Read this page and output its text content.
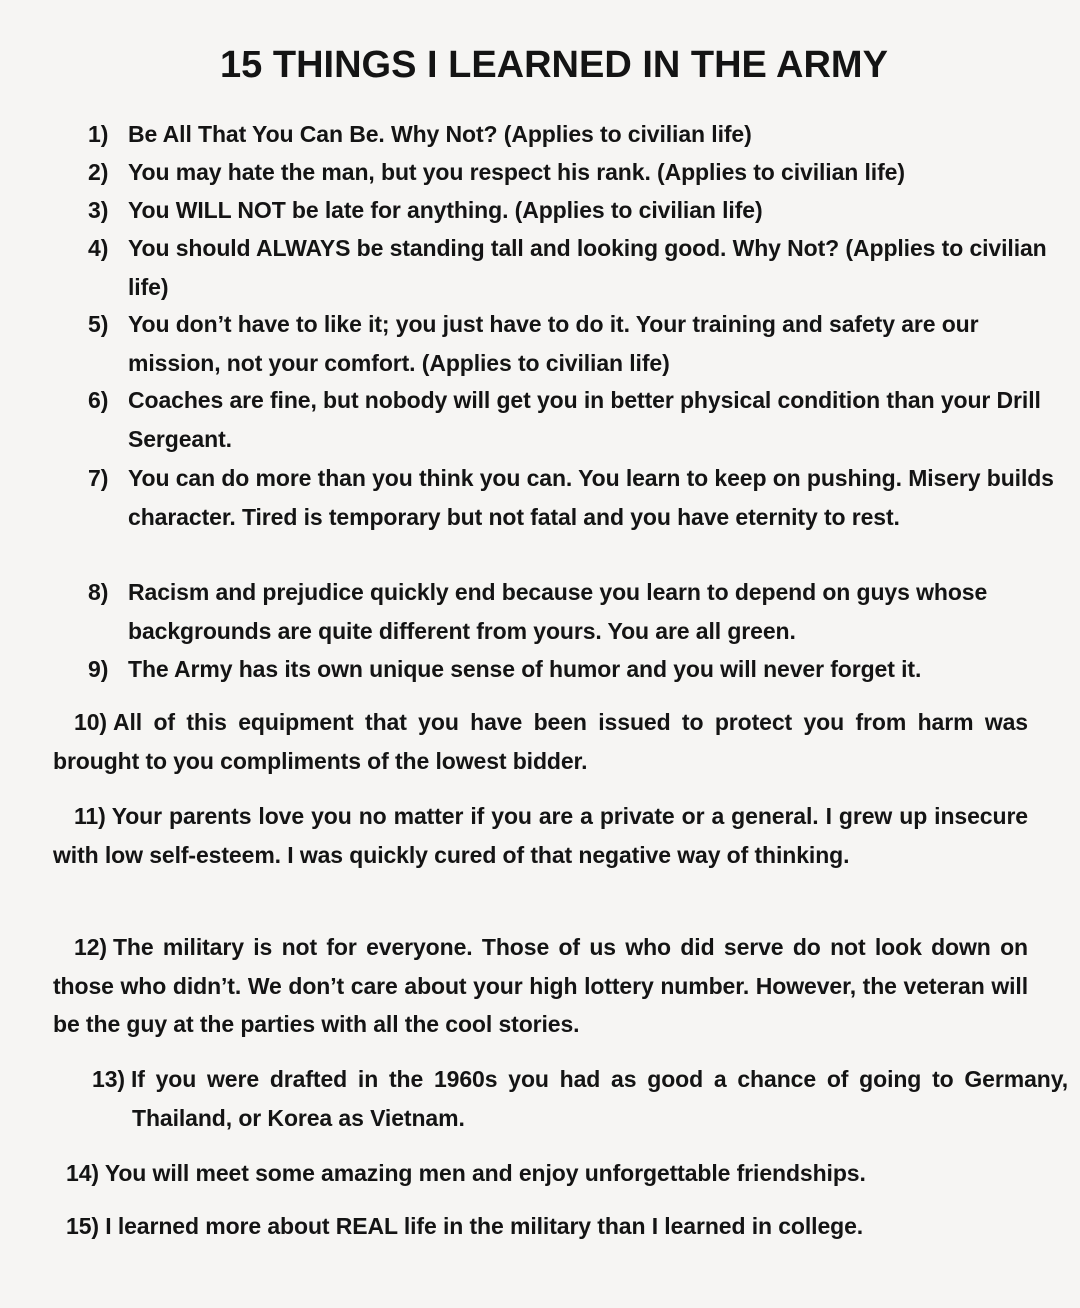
15 THINGS I LEARNED IN THE ARMY
1) Be All That You Can Be. Why Not? (Applies to civilian life)
2) You may hate the man, but you respect his rank. (Applies to civilian life)
3) You WILL NOT be late for anything. (Applies to civilian life)
4) You should ALWAYS be standing tall and looking good. Why Not? (Applies to civilian life)
5) You don’t have to like it; you just have to do it. Your training and safety are our mission, not your comfort. (Applies to civilian life)
6) Coaches are fine, but nobody will get you in better physical condition than your Drill Sergeant.
7) You can do more than you think you can. You learn to keep on pushing. Misery builds character. Tired is temporary but not fatal and you have eternity to rest.
8) Racism and prejudice quickly end because you learn to depend on guys whose backgrounds are quite different from yours. You are all green.
9) The Army has its own unique sense of humor and you will never forget it.
10) All of this equipment that you have been issued to protect you from harm was brought to you compliments of the lowest bidder.
11) Your parents love you no matter if you are a private or a general. I grew up insecure with low self-esteem. I was quickly cured of that negative way of thinking.
12) The military is not for everyone. Those of us who did serve do not look down on those who didn’t. We don’t care about your high lottery number. However, the veteran will be the guy at the parties with all the cool stories.
13) If you were drafted in the 1960s you had as good a chance of going to Germany, Thailand, or Korea as Vietnam.
14) You will meet some amazing men and enjoy unforgettable friendships.
15) I learned more about REAL life in the military than I learned in college.
